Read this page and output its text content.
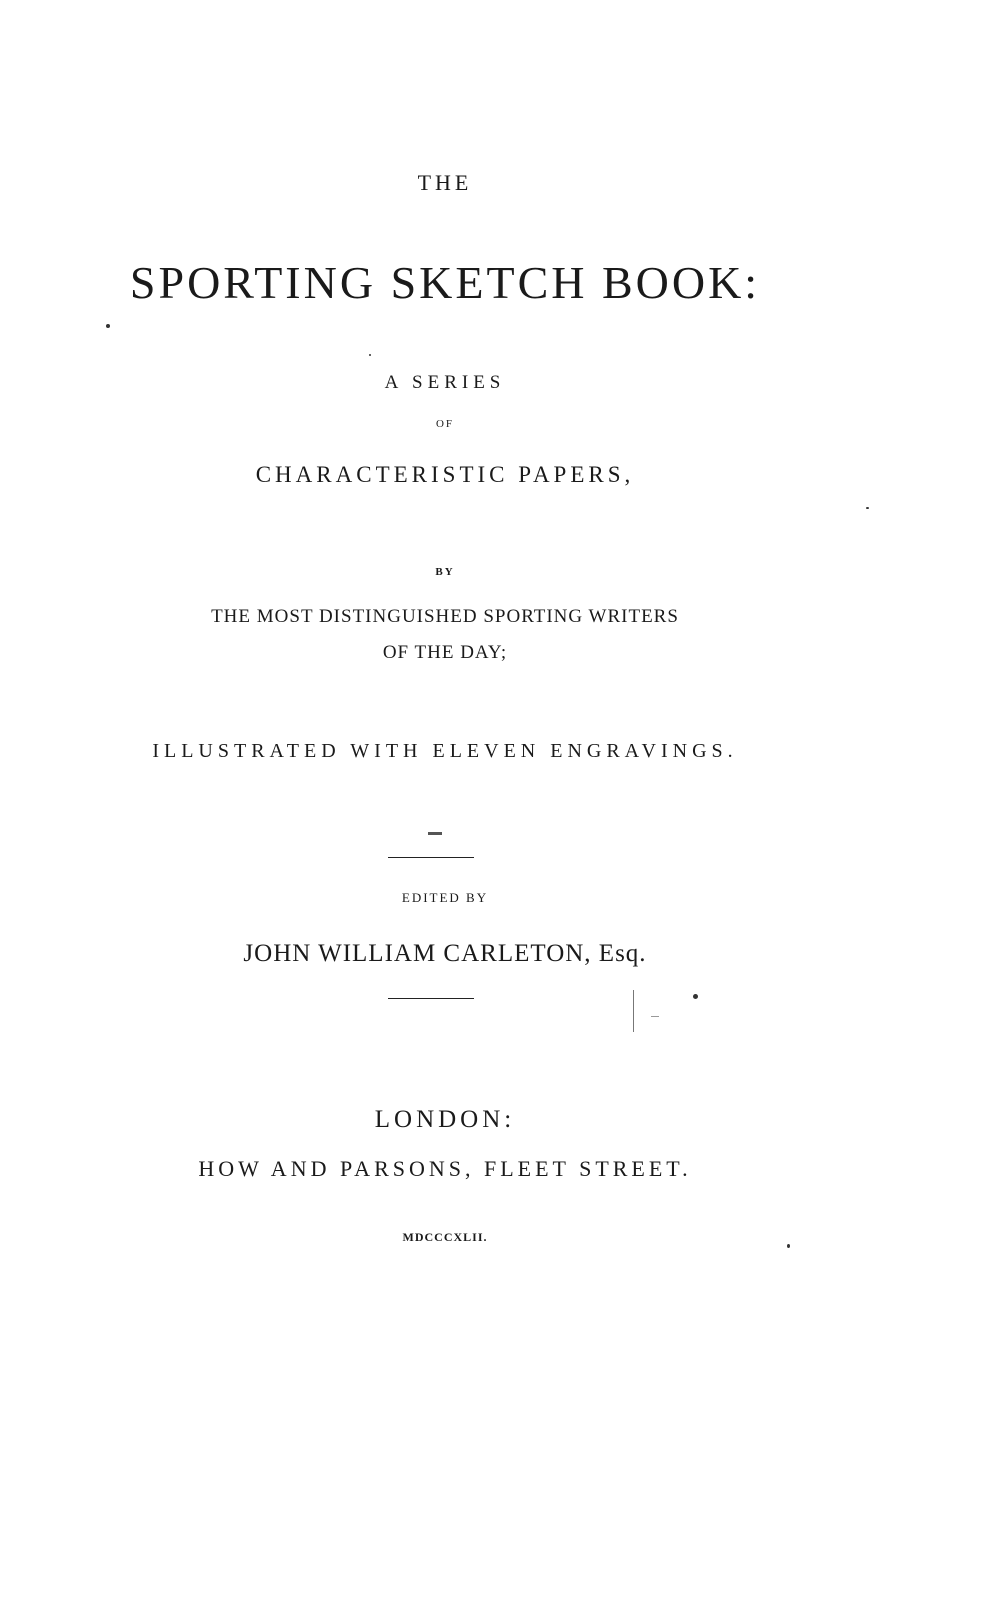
THE
SPORTING SKETCH BOOK:
A SERIES
OF
CHARACTERISTIC PAPERS,
BY
THE MOST DISTINGUISHED SPORTING WRITERS
OF THE DAY;
ILLUSTRATED WITH ELEVEN ENGRAVINGS.
EDITED BY
JOHN WILLIAM CARLETON, Esq.
LONDON:
HOW AND PARSONS, FLEET STREET.
MDCCCXLII.
